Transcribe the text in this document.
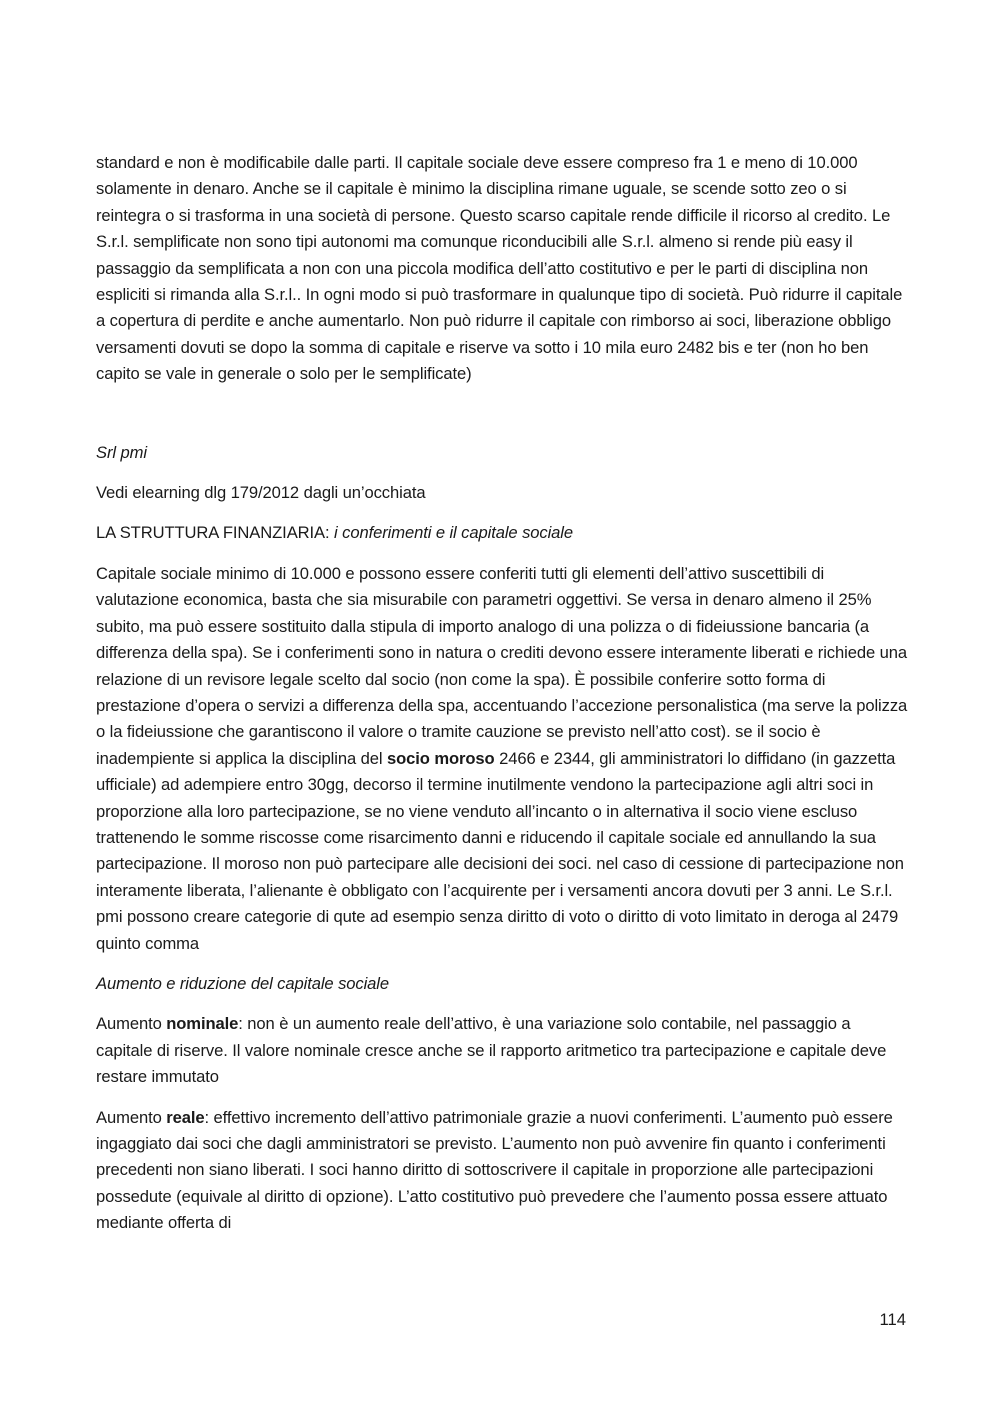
standard e non è modificabile dalle parti. Il capitale sociale deve essere compreso fra 1 e meno di 10.000 solamente in denaro. Anche se il capitale è minimo la disciplina rimane uguale, se scende sotto zeo o si reintegra o si trasforma in una società di persone. Questo scarso capitale rende difficile il ricorso al credito. Le S.r.l. semplificate non sono tipi autonomi ma comunque riconducibili alle S.r.l. almeno si rende più easy il passaggio da semplificata a non con una piccola modifica dell’atto costitutivo e per le parti di disciplina non espliciti si rimanda alla S.r.l.. In ogni modo si può trasformare in qualunque tipo di società. Può ridurre il capitale a copertura di perdite e anche aumentarlo. Non può ridurre il capitale con rimborso ai soci, liberazione obbligo versamenti dovuti se dopo la somma di capitale e riserve va sotto i 10 mila euro 2482 bis e ter (non ho ben capito se vale in generale o solo per le semplificate)

Srl pmi

Vedi elearning dlg 179/2012 dagli un’occhiata

LA STRUTTURA FINANZIARIA: i conferimenti e il capitale sociale

Capitale sociale minimo di 10.000 e possono essere conferiti tutti gli elementi dell’attivo suscettibili di valutazione economica, basta che sia misurabile con parametri oggettivi. Se versa in denaro almeno il 25% subito, ma può essere sostituito dalla stipula di importo analogo di una polizza o di fideiussione bancaria (a differenza della spa). Se i conferimenti sono in natura o crediti devono essere interamente liberati e richiede una relazione di un revisore legale scelto dal socio (non come la spa). È possibile conferire sotto forma di prestazione d’opera o servizi a differenza della spa, accentuando l’accezione personalistica (ma serve la polizza o la fideiussione che garantiscono il valore o tramite cauzione se previsto nell’atto cost). se il socio è inadempiente si applica la disciplina del socio moroso 2466 e 2344, gli amministratori lo diffidano (in gazzetta ufficiale) ad adempiere entro 30gg, decorso il termine inutilmente vendono la partecipazione agli altri soci in proporzione alla loro partecipazione, se no viene venduto all’incanto o in alternativa il socio viene escluso trattenendo le somme riscosse come risarcimento danni e riducendo il capitale sociale ed annullando la sua partecipazione. Il moroso non può partecipare alle decisioni dei soci. nel caso di cessione di partecipazione non interamente liberata, l’alienante è obbligato con l’acquirente per i versamenti ancora dovuti per 3 anni. Le S.r.l. pmi possono creare categorie di qute ad esempio senza diritto di voto o diritto di voto limitato in deroga al 2479 quinto comma

Aumento e riduzione del capitale sociale

Aumento nominale: non è un aumento reale dell’attivo, è una variazione solo contabile, nel passaggio a capitale di riserve. Il valore nominale cresce anche se il rapporto aritmetico tra partecipazione e capitale deve restare immutato

Aumento reale: effettivo incremento dell’attivo patrimoniale grazie a nuovi conferimenti. L’aumento può essere ingaggiato dai soci che dagli amministratori se previsto. L’aumento non può avvenire fin quanto i conferimenti precedenti non siano liberati. I soci hanno diritto di sottoscrivere il capitale in proporzione alle partecipazioni possedute (equivale al diritto di opzione). L’atto costitutivo può prevedere che l’aumento possa essere attuato mediante offerta di

114
